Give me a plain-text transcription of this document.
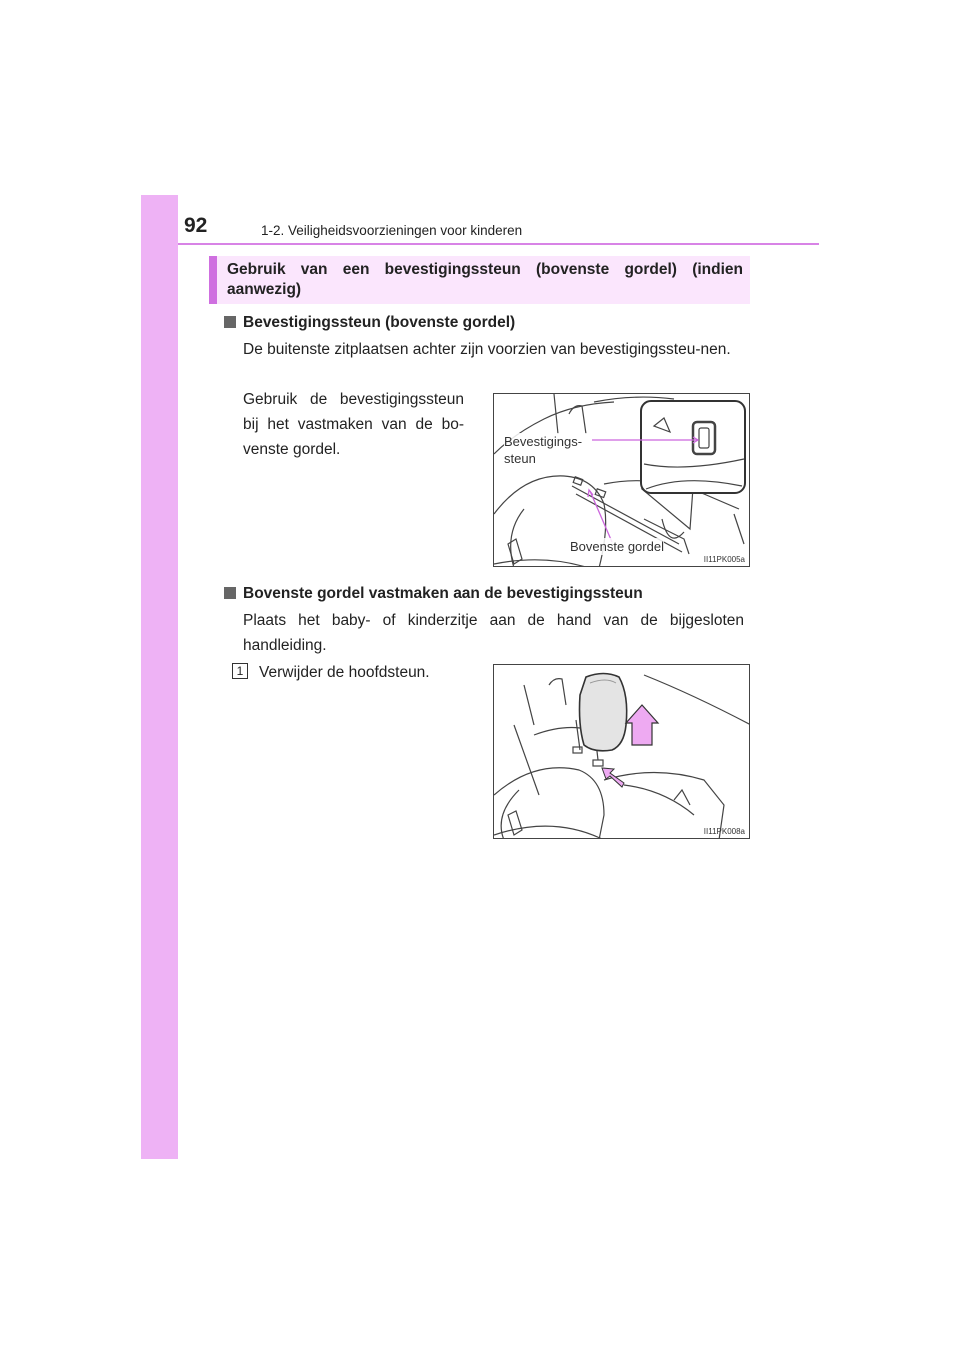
92	1-2. Veiligheidsvoorzieningen voor kinderen
Gebruik van een bevestigingssteun (bovenste gordel) (indien aanwezig)
Bevestigingssteun (bovenste gordel)
De buitenste zitplaatsen achter zijn voorzien van bevestigingssteu-nen.
Gebruik de bevestigingssteun bij het vastmaken van de bo-venste gordel.	Bevestigings-steun
Bovenste gordel
II11PK005a
Bovenste gordel vastmaken aan de bevestigingssteun
Plaats het baby- of kinderzitje aan de hand van de bijgesloten handleiding.
1	Verwijder de hoofdsteun.
II11PK008a
